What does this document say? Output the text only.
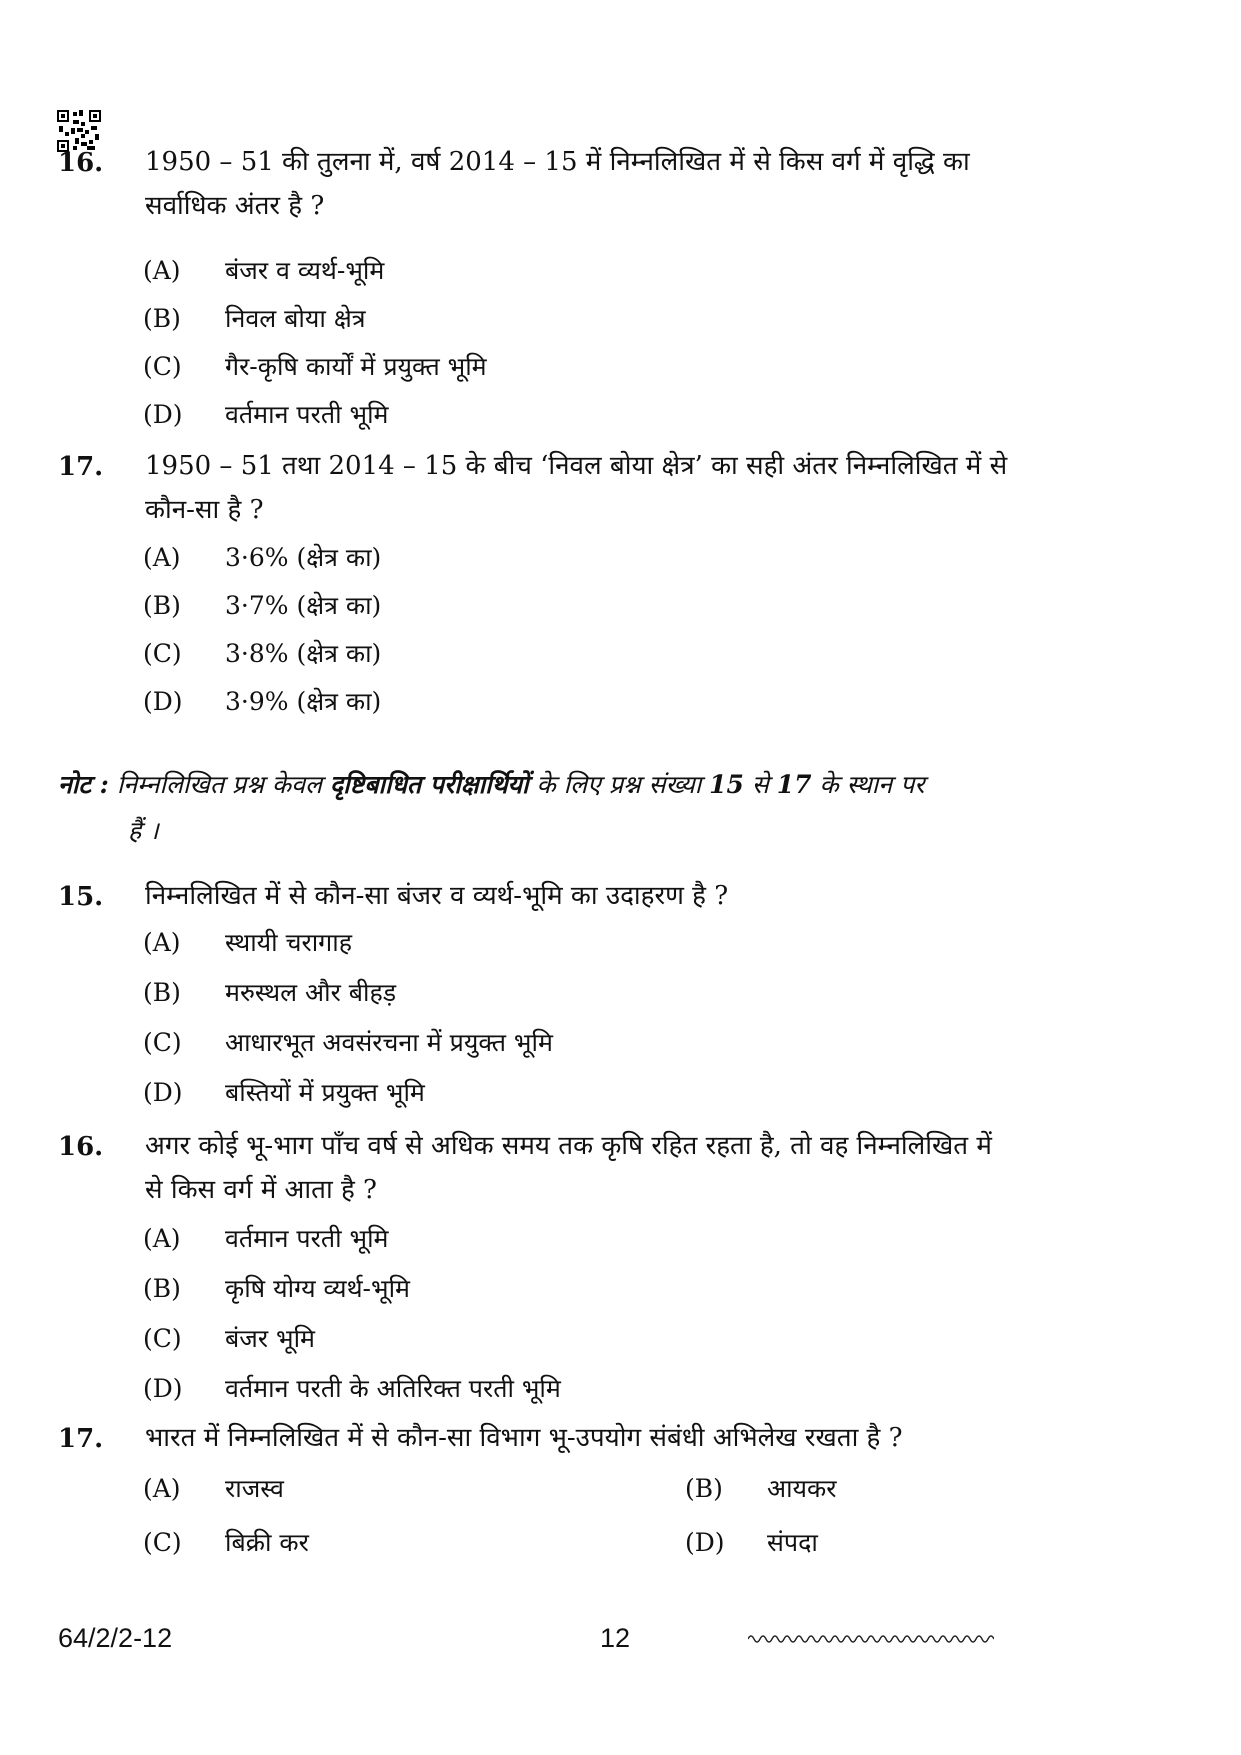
16. 1950 – 51 की तुलना में, वर्ष 2014 – 15 में निम्नलिखित में से किस वर्ग में वृद्धि का
सर्वाधिक अंतर है ?
(A) बंजर व व्यर्थ-भूमि
(B) निवल बोया क्षेत्र
(C) गैर-कृषि कार्यों में प्रयुक्त भूमि
(D) वर्तमान परती भूमि
17. 1950 – 51 तथा 2014 – 15 के बीच ‘निवल बोया क्षेत्र’ का सही अंतर निम्नलिखित में से
कौन-सा है ?
(A) 3·6% (क्षेत्र का)
(B) 3·7% (क्षेत्र का)
(C) 3·8% (क्षेत्र का)
(D) 3·9% (क्षेत्र का)
नोट : निम्नलिखित प्रश्न केवल दृष्टिबाधित परीक्षार्थियों के लिए प्रश्न संख्या 15 से 17 के स्थान पर
हैं ।
15. निम्नलिखित में से कौन-सा बंजर व व्यर्थ-भूमि का उदाहरण है ?
(A) स्थायी चरागाह
(B) मरुस्थल और बीहड़
(C) आधारभूत अवसंरचना में प्रयुक्त भूमि
(D) बस्तियों में प्रयुक्त भूमि
16. अगर कोई भू-भाग पाँच वर्ष से अधिक समय तक कृषि रहित रहता है, तो वह निम्नलिखित में
से किस वर्ग में आता है ?
(A) वर्तमान परती भूमि
(B) कृषि योग्य व्यर्थ-भूमि
(C) बंजर भूमि
(D) वर्तमान परती के अतिरिक्त परती भूमि
17. भारत में निम्नलिखित में से कौन-सा विभाग भू-उपयोग संबंधी अभिलेख रखता है ?
(A) राजस्व	(B) आयकर
(C) बिक्री कर	(D) संपदा
64/2/2-12	12
